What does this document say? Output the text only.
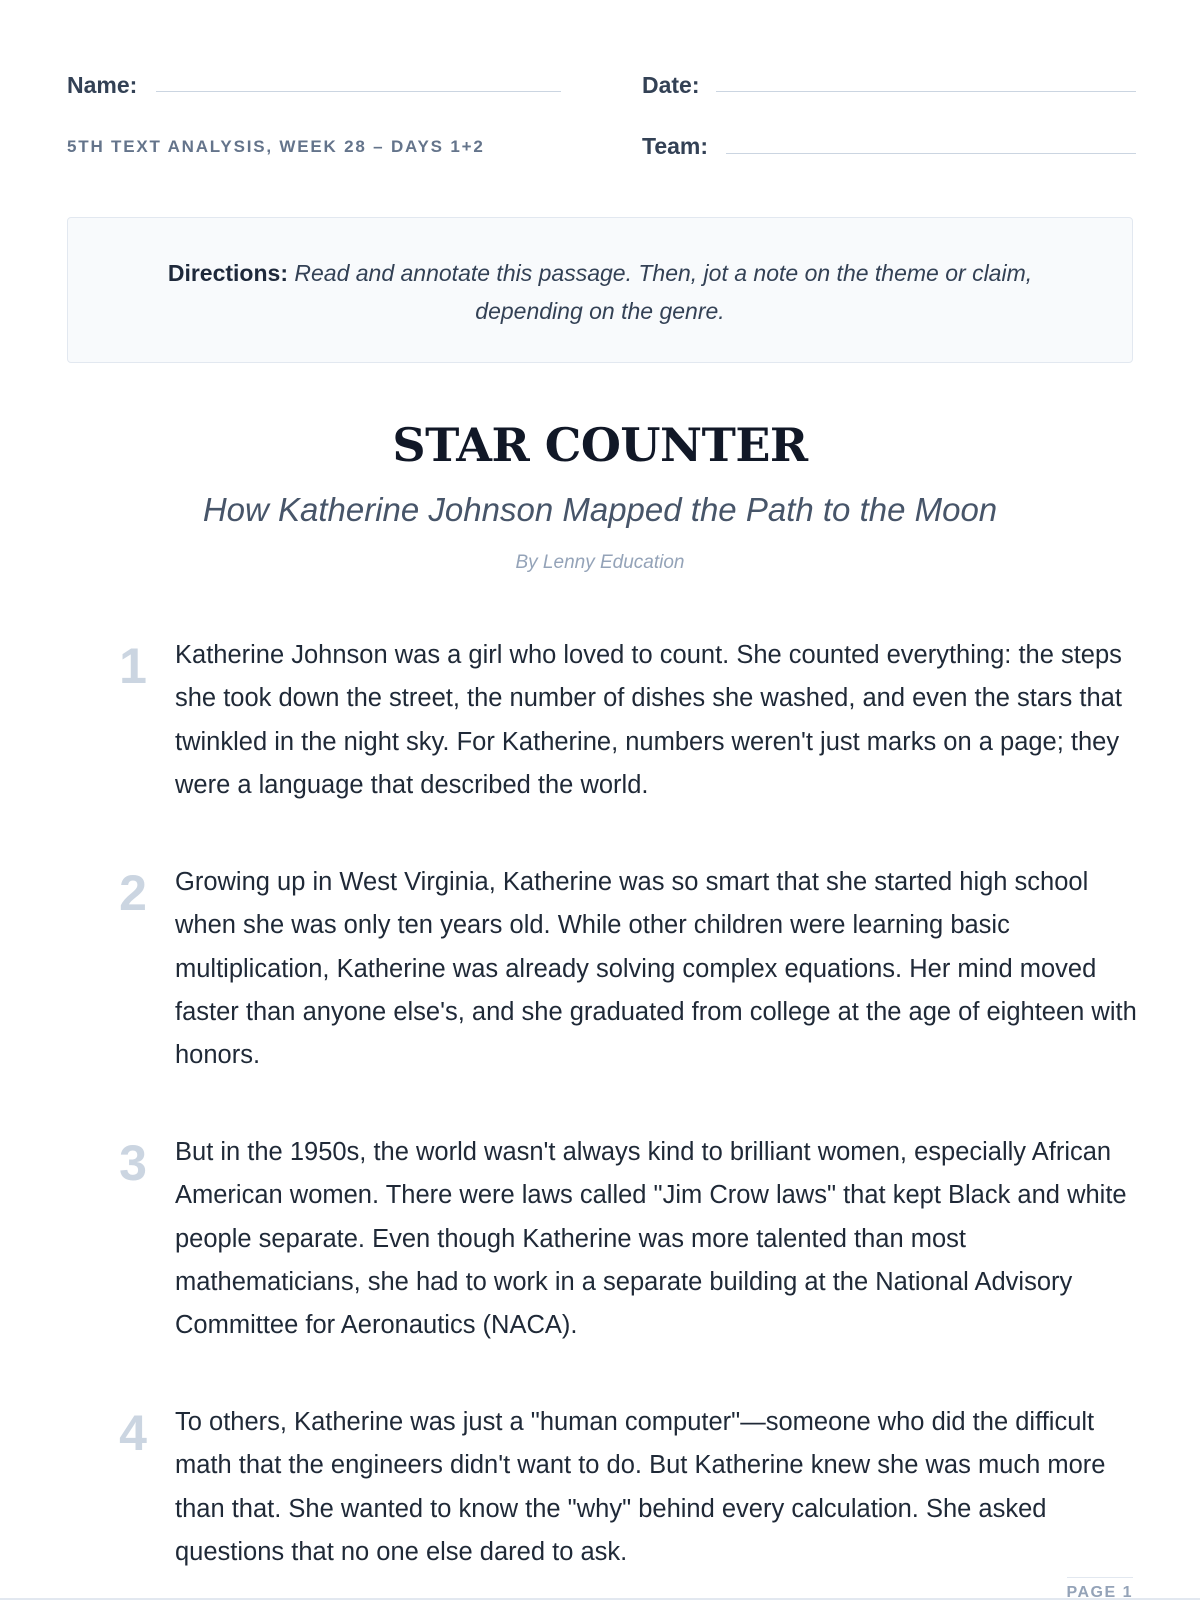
Name:	Date:
5TH TEXT ANALYSIS, WEEK 28 – DAYS 1+2	Team:
Directions: Read and annotate this passage. Then, jot a note on the theme or claim, depending on the genre.
STAR COUNTER
How Katherine Johnson Mapped the Path to the Moon
By Lenny Education
1	Katherine Johnson was a girl who loved to count. She counted everything: the steps she took down the street, the number of dishes she washed, and even the stars that twinkled in the night sky. For Katherine, numbers weren't just marks on a page; they were a language that described the world.
2	Growing up in West Virginia, Katherine was so smart that she started high school when she was only ten years old. While other children were learning basic multiplication, Katherine was already solving complex equations. Her mind moved faster than anyone else's, and she graduated from college at the age of eighteen with honors.
3	But in the 1950s, the world wasn't always kind to brilliant women, especially African American women. There were laws called "Jim Crow laws" that kept Black and white people separate. Even though Katherine was more talented than most mathematicians, she had to work in a separate building at the National Advisory Committee for Aeronautics (NACA).
4	To others, Katherine was just a "human computer"—someone who did the difficult math that the engineers didn't want to do. But Katherine knew she was much more than that. She wanted to know the "why" behind every calculation. She asked questions that no one else dared to ask.
PAGE 1
